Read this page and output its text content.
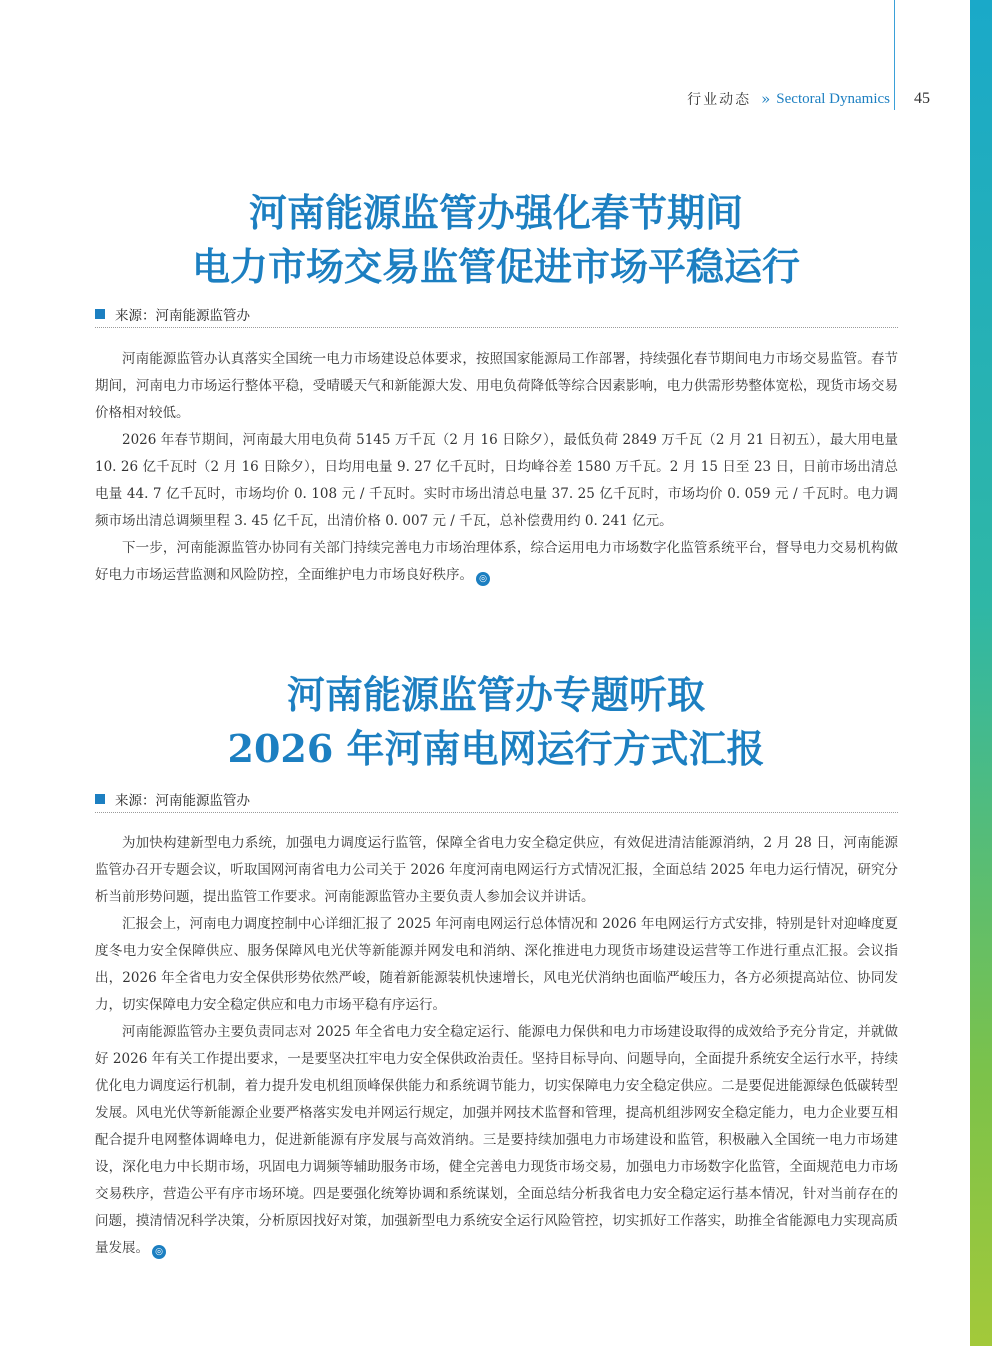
行业动态 » Sectoral Dynamics 45
河南能源监管办强化春节期间
电力市场交易监管促进市场平稳运行
来源：河南能源监管办

河南能源监管办认真落实全国统一电力市场建设总体要求，按照国家能源局工作部署，持续强化春节期间电力市场交易监管。春节期间，河南电力市场运行整体平稳，受晴暖天气和新能源大发、用电负荷降低等综合因素影响，电力供需形势整体宽松，现货市场交易价格相对较低。

2026 年春节期间，河南最大用电负荷 5145 万千瓦（2 月 16 日除夕），最低负荷 2849 万千瓦（2 月 21 日初五），最大用电量 10. 26 亿千瓦时（2 月 16 日除夕），日均用电量 9. 27 亿千瓦时，日均峰谷差 1580 万千瓦。2 月 15 日至 23 日，日前市场出清总电量 44. 7 亿千瓦时，市场均价 0. 108 元 / 千瓦时。实时市场出清总电量 37. 25 亿千瓦时，市场均价 0. 059 元 / 千瓦时。电力调频市场出清总调频里程 3. 45 亿千瓦，出清价格 0. 007 元 / 千瓦，总补偿费用约 0. 241 亿元。

下一步，河南能源监管办协同有关部门持续完善电力市场治理体系，综合运用电力市场数字化监管系统平台，督导电力交易机构做好电力市场运营监测和风险防控，全面维护电力市场良好秩序。 ◎

河南能源监管办专题听取
2026 年河南电网运行方式汇报
来源：河南能源监管办

为加快构建新型电力系统，加强电力调度运行监管，保障全省电力安全稳定供应，有效促进清洁能源消纳，2 月 28 日，河南能源监管办召开专题会议，听取国网河南省电力公司关于 2026 年度河南电网运行方式情况汇报，全面总结 2025 年电力运行情况，研究分析当前形势问题，提出监管工作要求。河南能源监管办主要负责人参加会议并讲话。

汇报会上，河南电力调度控制中心详细汇报了 2025 年河南电网运行总体情况和 2026 年电网运行方式安排，特别是针对迎峰度夏度冬电力安全保障供应、服务保障风电光伏等新能源并网发电和消纳、深化推进电力现货市场建设运营等工作进行重点汇报。会议指出，2026 年全省电力安全保供形势依然严峻，随着新能源装机快速增长，风电光伏消纳也面临严峻压力，各方必须提高站位、协同发力，切实保障电力安全稳定供应和电力市场平稳有序运行。

河南能源监管办主要负责同志对 2025 年全省电力安全稳定运行、能源电力保供和电力市场建设取得的成效给予充分肯定，并就做好 2026 年有关工作提出要求，一是要坚决扛牢电力安全保供政治责任。坚持目标导向、问题导向，全面提升系统安全运行水平，持续优化电力调度运行机制，着力提升发电机组顶峰保供能力和系统调节能力，切实保障电力安全稳定供应。二是要促进能源绿色低碳转型发展。风电光伏等新能源企业要严格落实发电并网运行规定，加强并网技术监督和管理，提高机组涉网安全稳定能力，电力企业要互相配合提升电网整体调峰电力，促进新能源有序发展与高效消纳。三是要持续加强电力市场建设和监管，积极融入全国统一电力市场建设，深化电力中长期市场，巩固电力调频等辅助服务市场，健全完善电力现货市场交易，加强电力市场数字化监管，全面规范电力市场交易秩序，营造公平有序市场环境。四是要强化统筹协调和系统谋划，全面总结分析我省电力安全稳定运行基本情况，针对当前存在的问题，摸清情况科学决策，分析原因找好对策，加强新型电力系统安全运行风险管控，切实抓好工作落实，助推全省能源电力实现高质量发展。 ◎
